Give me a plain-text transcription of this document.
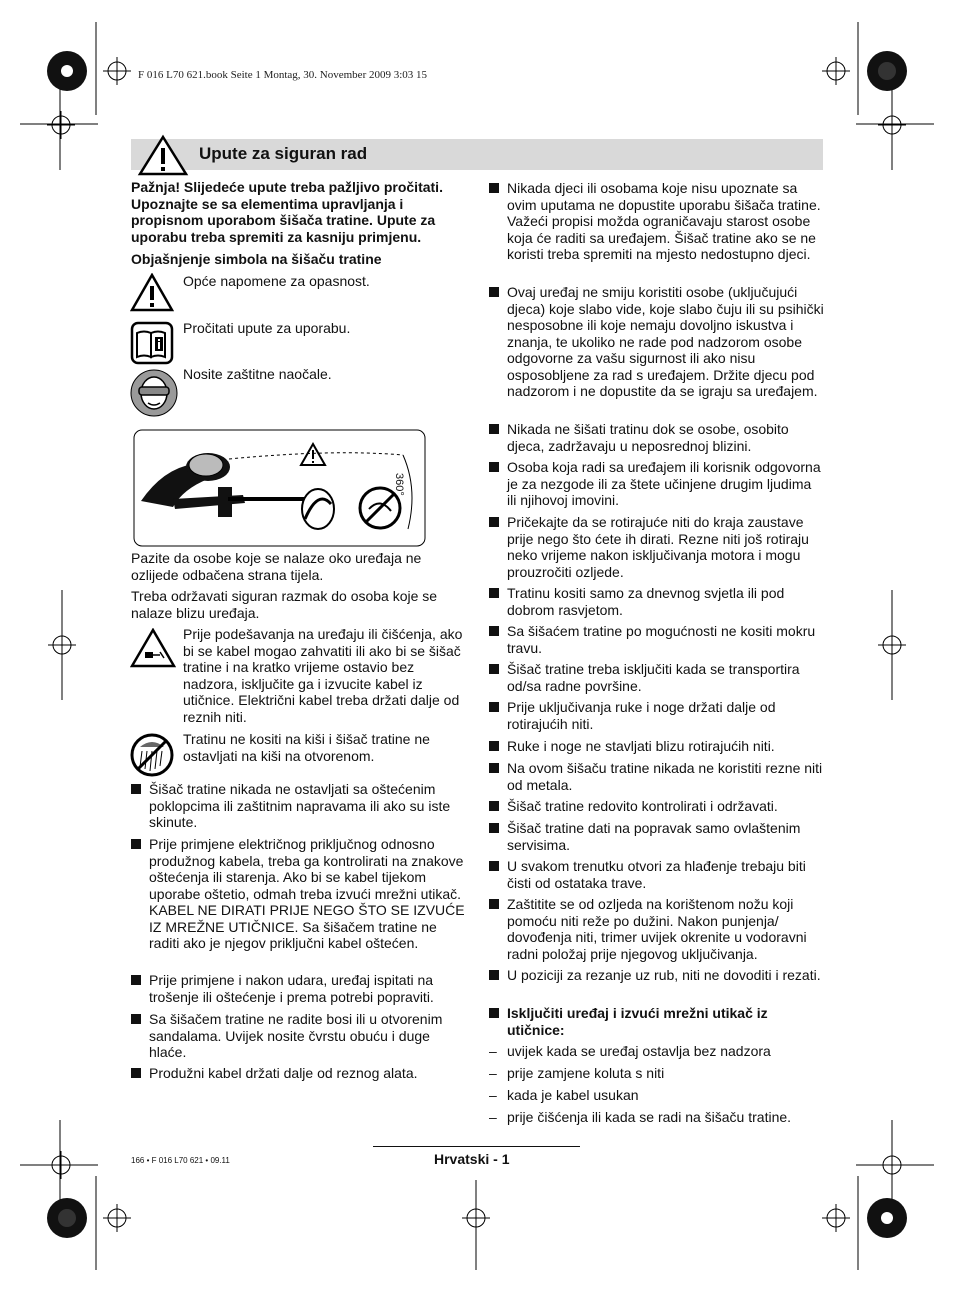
F 016 L70 621.book Seite 1 Montag, 30. November 2009 3:03 15
Upute za siguran rad
Pažnja! Slijedeće upute treba pažljivo pročitati. Upoznajte se sa elementima upravljanja i propisnom uporabom šišača tratine. Upute za uporabu treba spremiti za kasniju primjenu.
Objašnjenje simbola na šišaču tratine
Opće napomene za opasnost.
Pročitati upute za uporabu.
Nosite zaštitne naočale.
360°
Pazite da osobe koje se nalaze oko uređaja ne ozlijede odbačena strana tijela.
Treba održavati siguran razmak do osoba koje se nalaze blizu uređaja.
Prije podešavanja na uređaju ili čišćenja, ako bi se kabel mogao zahvatiti ili ako bi se šišač tratine i na kratko vrijeme ostavio bez nadzora, isključite ga i izvucite kabel iz utičnice. Električni kabel treba držati dalje od reznih niti.
Tratinu ne kositi na kiši i šišač tratine ne ostavljati na kiši na otvorenom.
Šišač tratine nikada ne ostavljati sa oštećenim poklopcima ili zaštitnim napravama ili ako su iste skinute.
Prije primjene električnog priključnog odnosno produžnog kabela, treba ga kontrolirati na znakove oštećenja ili starenja. Ako bi se kabel tijekom uporabe oštetio, odmah treba izvući mrežni utikač. KABEL NE DIRATI PRIJE NEGO ŠTO SE IZVUĆE IZ MREŽNE UTIČNICE. Sa šišačem tratine ne raditi ako je njegov priključni kabel oštećen.
Prije primjene i nakon udara, uređaj ispitati na trošenje ili oštećenje i prema potrebi popraviti.
Sa šišačem tratine ne radite bosi ili u otvorenim sandalama. Uvijek nosite čvrstu obuću i duge hlaće.
Produžni kabel držati dalje od reznog alata.
Nikada djeci ili osobama koje nisu upoznate sa ovim uputama ne dopustite uporabu šišača tratine. Važeći propisi možda ograničavaju starost osobe koja će raditi sa uređajem. Šišač tratine ako se ne koristi treba spremiti na mjesto nedostupno djeci.
Ovaj uređaj ne smiju koristiti osobe (uključujući djeca) koje slabo vide, koje slabo čuju ili su psihički nesposobne ili koje nemaju dovoljno iskustva i znanja, te ukoliko ne rade pod nadzorom osobe odgovorne za vašu sigurnost ili ako nisu osposobljene za rad s uređajem. Držite djecu pod nadzorom i ne dopustite da se igraju sa uređajem.
Nikada ne šišati tratinu dok se osobe, osobito djeca, zadržavaju u neposrednoj blizini.
Osoba koja radi sa uređajem ili korisnik odgovorna je za nezgode ili za štete učinjene drugim ljudima ili njihovoj imovini.
Pričekajte da se rotirajuće niti do kraja zaustave prije nego što ćete ih dirati. Rezne niti još rotiraju neko vrijeme nakon isključivanja motora i mogu prouzročiti ozljede.
Tratinu kositi samo za dnevnog svjetla ili pod dobrom rasvjetom.
Sa šišaćem tratine po mogućnosti ne kositi mokru travu.
Šišač tratine treba isključiti kada se transportira od/sa radne površine.
Prije uključivanja ruke i noge držati dalje od rotirajućih niti.
Ruke i noge ne stavljati blizu rotirajućih niti.
Na ovom šišaču tratine nikada ne koristiti rezne niti od metala.
Šišač tratine redovito kontrolirati i održavati.
Šišač tratine dati na popravak samo ovlaštenim servisima.
U svakom trenutku otvori za hlađenje trebaju biti čisti od ostataka trave.
Zaštitite se od ozljeda na korištenom nožu koji pomoću niti reže po dužini. Nakon punjenja/ dovođenja niti, trimer uvijek okrenite u vodoravni radni položaj prije njegovog uključivanja.
U poziciji za rezanje uz rub, niti ne dovoditi i rezati.
Isključiti uređaj i izvući mrežni utikač iz utičnice:
– uvijek kada se uređaj ostavlja bez nadzora
– prije zamjene koluta s niti
– kada je kabel usukan
– prije čišćenja ili kada se radi na šišaču tratine.
Hrvatski - 1
166 • F 016 L70 621 • 09.11
